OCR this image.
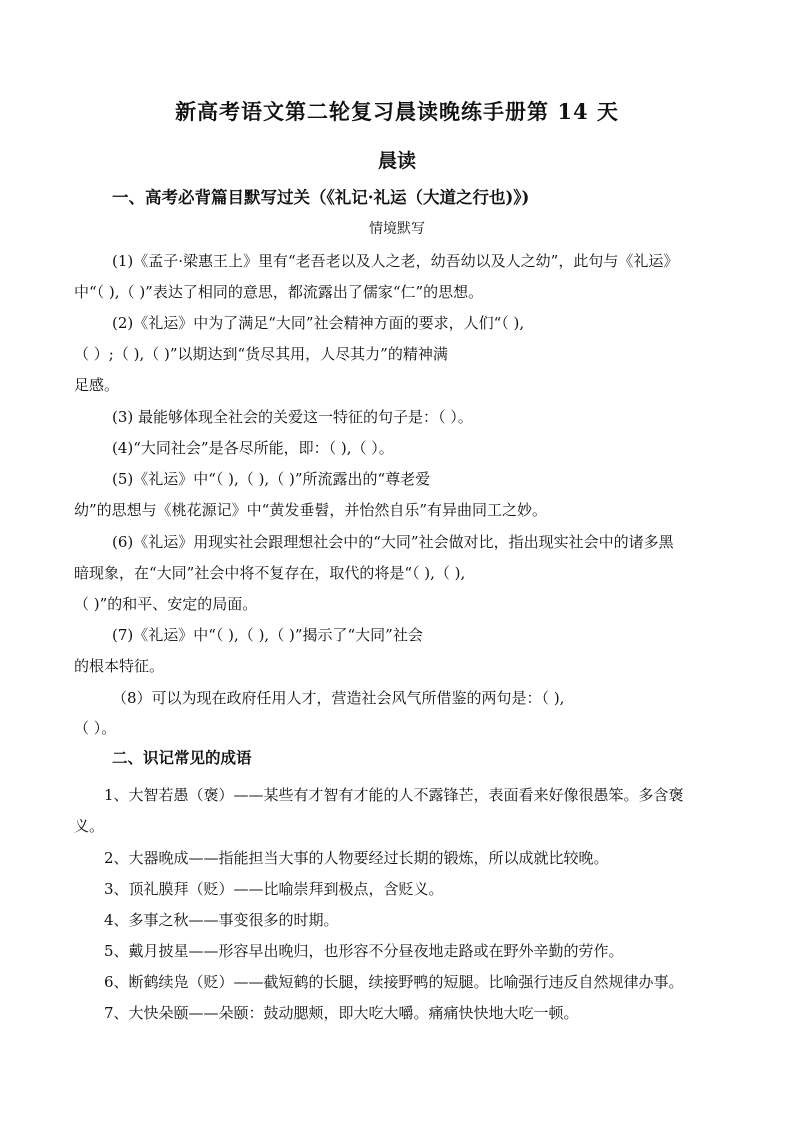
新高考语文第二轮复习晨读晚练手册第 14 天
晨读
一、高考必背篇目默写过关（《礼记·礼运（大道之行也)》)
情境默写
(1)《孟子·梁惠王上》里有“老吾老以及人之老，幼吾幼以及人之幼”，此句与《礼运》
中“（ ),（ )”表达了相同的意思，都流露出了儒家“仁”的思想。
(2)《礼运》中为了满足“大同”社会精神方面的要求，人们“（ ),
（ ）;（ ),（ )”以期达到“货尽其用，人尽其力”的精神满
足感。
(3) 最能够体现全社会的关爱这一特征的句子是：（ ）。
(4)“大同社会”是各尽所能，即：（ ),（ ）。
(5)《礼运》中“（ ),（ ),（ )”所流露出的“尊老爱
幼”的思想与《桃花源记》中“黄发垂髫，并怡然自乐”有异曲同工之妙。
(6)《礼运》用现实社会跟理想社会中的“大同”社会做对比，指出现实社会中的诸多黑
暗现象，在“大同”社会中将不复存在，取代的将是“（ ),（ ),
（ )”的和平、安定的局面。
(7)《礼运》中“（ ),（ ),（ )”揭示了“大同”社会
的根本特征。
（8）可以为现在政府任用人才，营造社会风气所借鉴的两句是：（ ),
（ ）。
二、识记常见的成语
1、大智若愚（褒）——某些有才智有才能的人不露锋芒，表面看来好像很愚笨。多含褒
义。
2、大器晚成——指能担当大事的人物要经过长期的锻炼，所以成就比较晚。
3、顶礼膜拜（贬）——比喻崇拜到极点，含贬义。
4、多事之秋——事变很多的时期。
5、戴月披星——形容早出晚归，也形容不分昼夜地走路或在野外辛勤的劳作。
6、断鹤续凫（贬）——截短鹤的长腿，续接野鸭的短腿。比喻强行违反自然规律办事。
7、大快朵颐——朵颐：鼓动腮颊，即大吃大嚼。痛痛快快地大吃一顿。
